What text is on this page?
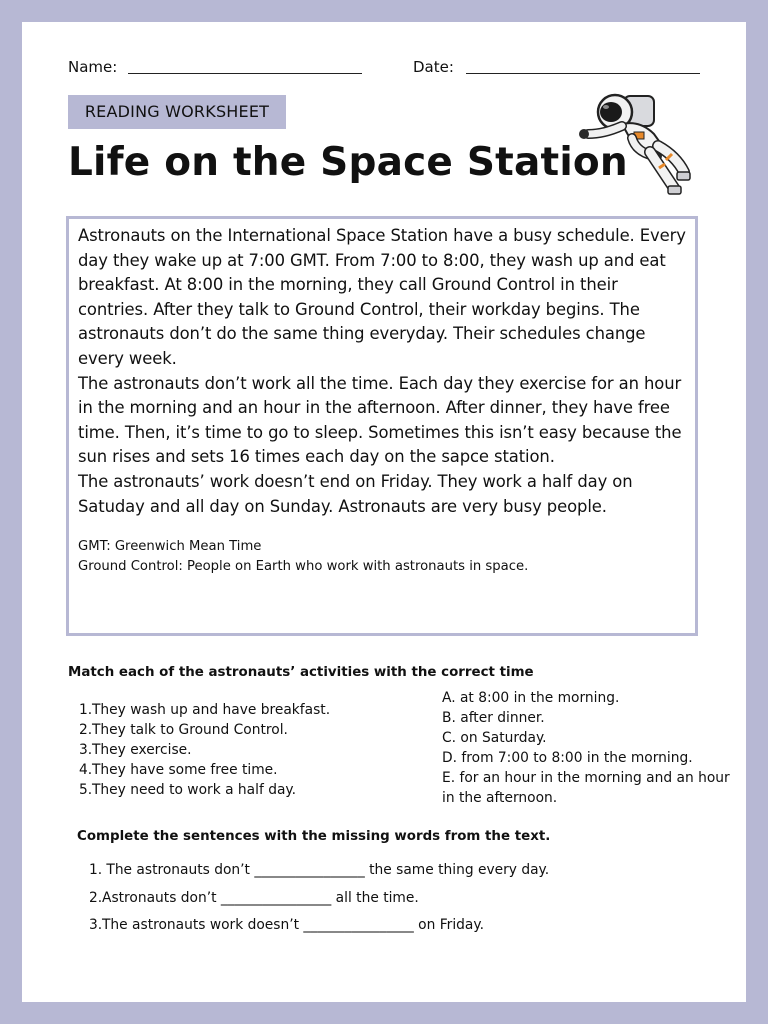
Name:	Date:
READING WORKSHEET
Life on the Space Station

Astronauts on the International Space Station have a busy schedule. Every day they wake up at 7:00 GMT. From 7:00 to 8:00, they wash up and eat breakfast. At 8:00 in the morning, they call Ground Control in their contries. After they talk to Ground Control, their workday begins. The astronauts don’t do the same thing everyday. Their schedules change every week.

The astronauts don’t work all the time. Each day they exercise for an hour in the morning and an hour in the afternoon. After dinner, they have free time. Then, it’s time to go to sleep. Sometimes this isn’t easy because the sun rises and sets 16 times each day on the sapce station.

The astronauts’ work doesn’t end on Friday. They work a half day on Satuday and all day on Sunday. Astronauts are very busy people.

GMT: Greenwich Mean Time
Ground Control: People on Earth who work with astronauts in space.
Match each of the astronauts’ activities with the correct time
1.They wash up and have breakfast.
2.They talk to Ground Control.
3.They exercise.
4.They have some free time.
5.They need to work a half day.
A. at 8:00 in the morning.
B. after dinner.
C. on Saturday.
D. from 7:00 to 8:00 in the morning.
E. for an hour in the morning and an hour in the afternoon.
Complete the sentences with the missing words from the text.
1. The astronauts don’t ________________ the same thing every day.
2.Astronauts don’t ________________ all the time.
3.The astronauts work doesn’t ________________ on Friday.
